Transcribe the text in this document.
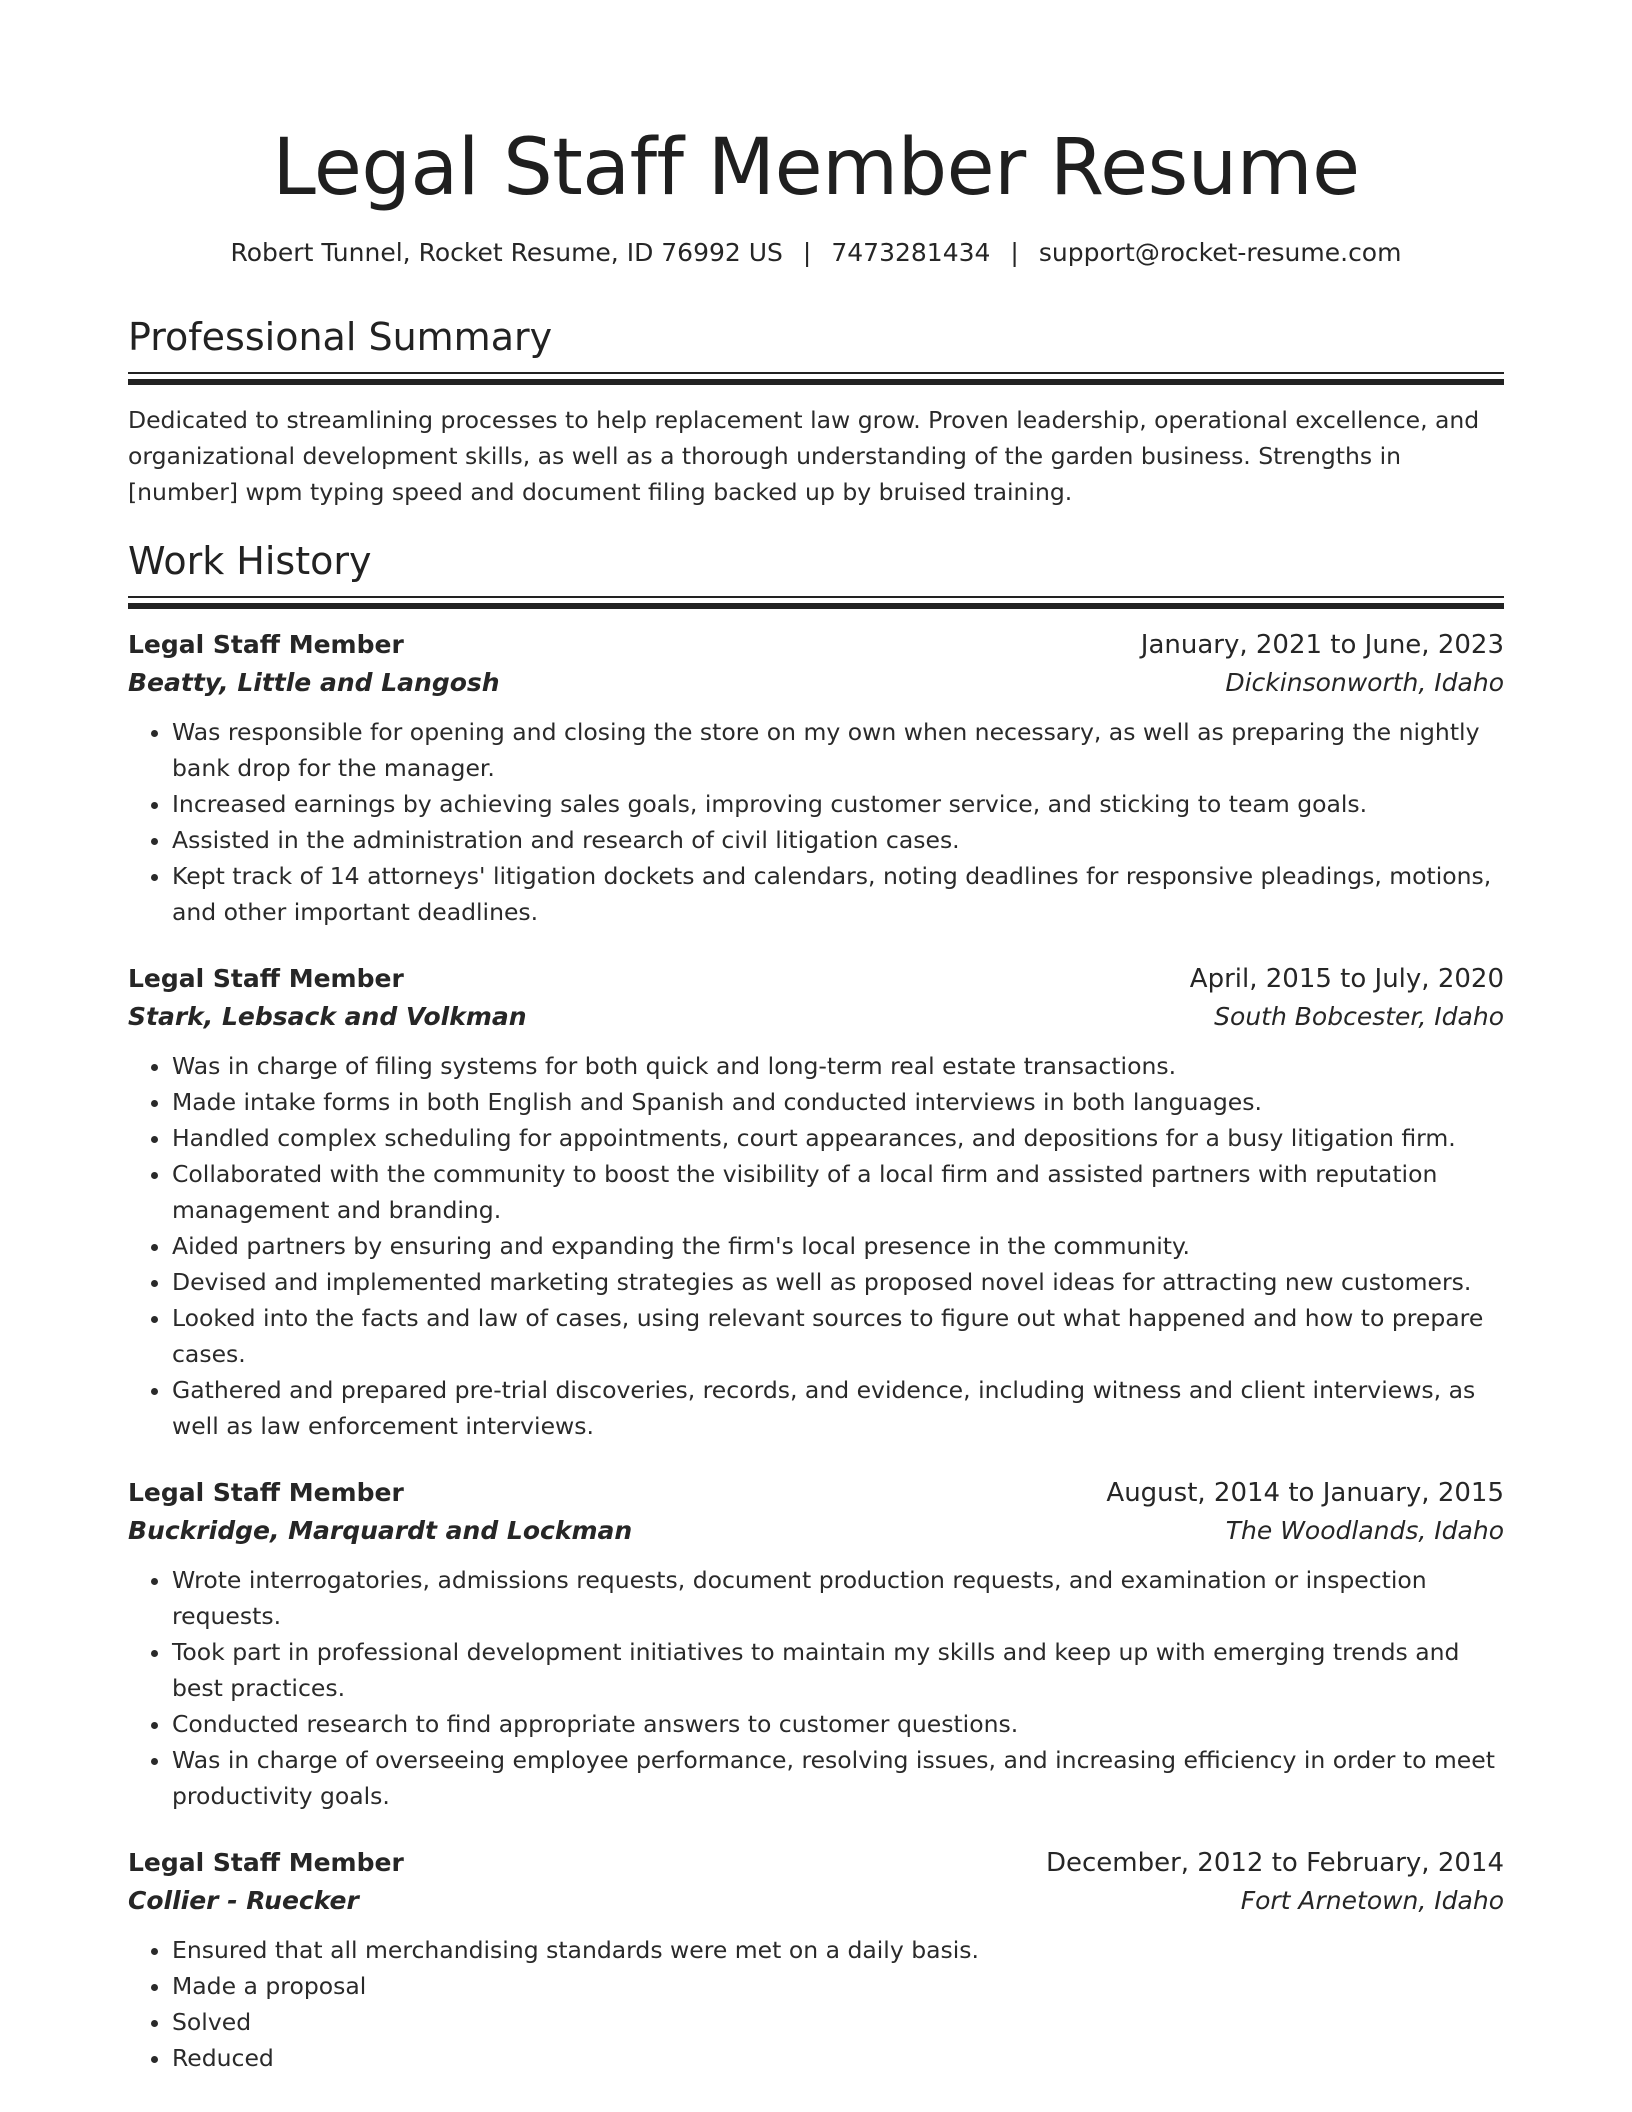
Legal Staff Member Resume
Robert Tunnel, Rocket Resume, ID 76992 US | 7473281434 | support@rocket-resume.com
Professional Summary

Dedicated to streamlining processes to help replacement law grow. Proven leadership, operational excellence, and organizational development skills, as well as a thorough understanding of the garden business. Strengths in [number] wpm typing speed and document filing backed up by bruised training.

Work History
Legal Staff Member	January, 2021 to June, 2023
Beatty, Little and Langosh	Dickinsonworth, Idaho
• Was responsible for opening and closing the store on my own when necessary, as well as preparing the nightly bank drop for the manager.
• Increased earnings by achieving sales goals, improving customer service, and sticking to team goals.
• Assisted in the administration and research of civil litigation cases.
• Kept track of 14 attorneys' litigation dockets and calendars, noting deadlines for responsive pleadings, motions, and other important deadlines.
Legal Staff Member	April, 2015 to July, 2020
Stark, Lebsack and Volkman	South Bobcester, Idaho
• Was in charge of filing systems for both quick and long-term real estate transactions.
• Made intake forms in both English and Spanish and conducted interviews in both languages.
• Handled complex scheduling for appointments, court appearances, and depositions for a busy litigation firm.
• Collaborated with the community to boost the visibility of a local firm and assisted partners with reputation management and branding.
• Aided partners by ensuring and expanding the firm's local presence in the community.
• Devised and implemented marketing strategies as well as proposed novel ideas for attracting new customers.
• Looked into the facts and law of cases, using relevant sources to figure out what happened and how to prepare cases.
• Gathered and prepared pre-trial discoveries, records, and evidence, including witness and client interviews, as well as law enforcement interviews.
Legal Staff Member	August, 2014 to January, 2015
Buckridge, Marquardt and Lockman	The Woodlands, Idaho
• Wrote interrogatories, admissions requests, document production requests, and examination or inspection requests.
• Took part in professional development initiatives to maintain my skills and keep up with emerging trends and best practices.
• Conducted research to find appropriate answers to customer questions.
• Was in charge of overseeing employee performance, resolving issues, and increasing efficiency in order to meet productivity goals.
Legal Staff Member	December, 2012 to February, 2014
Collier - Ruecker	Fort Arnetown, Idaho
• Ensured that all merchandising standards were met on a daily basis.
• Made a proposal
• Solved
• Reduced
